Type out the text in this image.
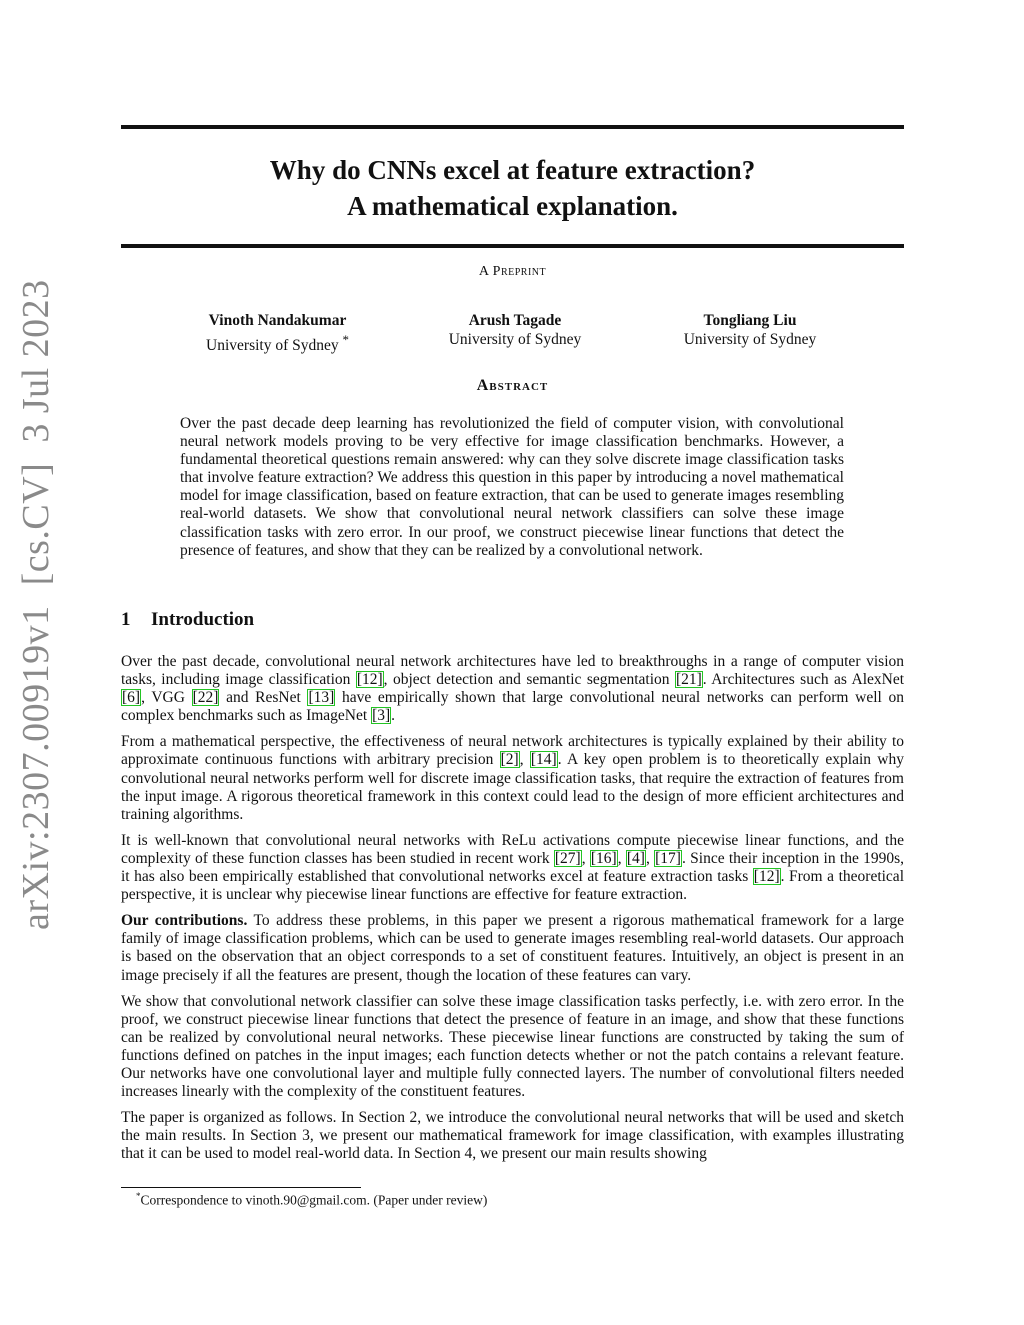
arXiv:2307.00919v1  [cs.CV]  3 Jul 2023
Why do CNNs excel at feature extraction?
A mathematical explanation.
A Preprint
Vinoth Nandakumar
University of Sydney *
Arush Tagade
University of Sydney
Tongliang Liu
University of Sydney
Abstract

Over the past decade deep learning has revolutionized the field of computer vision, with convolutional neural network models proving to be very effective for image classification benchmarks. However, a fundamental theoretical questions remain answered: why can they solve discrete image classification tasks that involve feature extraction? We address this question in this paper by introducing a novel mathematical model for image classification, based on feature extraction, that can be used to generate images resembling real-world datasets. We show that convolutional neural network classifiers can solve these image classification tasks with zero error. In our proof, we construct piecewise linear functions that detect the presence of features, and show that they can be realized by a convolutional network.

1 Introduction

Over the past decade, convolutional neural network architectures have led to breakthroughs in a range of computer vision tasks, including image classification [12], object detection and semantic segmentation [21]. Architectures such as AlexNet [6], VGG [22] and ResNet [13] have empirically shown that large convolutional neural networks can perform well on complex benchmarks such as ImageNet [3].

From a mathematical perspective, the effectiveness of neural network architectures is typically explained by their ability to approximate continuous functions with arbitrary precision [2], [14]. A key open problem is to theoretically explain why convolutional neural networks perform well for discrete image classification tasks, that require the extraction of features from the input image. A rigorous theoretical framework in this context could lead to the design of more efficient architectures and training algorithms.

It is well-known that convolutional neural networks with ReLu activations compute piecewise linear functions, and the complexity of these function classes has been studied in recent work [27], [16], [4], [17]. Since their inception in the 1990s, it has also been empirically established that convolutional networks excel at feature extraction tasks [12]. From a theoretical perspective, it is unclear why piecewise linear functions are effective for feature extraction.

Our contributions. To address these problems, in this paper we present a rigorous mathematical framework for a large family of image classification problems, which can be used to generate images resembling real-world datasets. Our approach is based on the observation that an object corresponds to a set of constituent features. Intuitively, an object is present in an image precisely if all the features are present, though the location of these features can vary.

We show that convolutional network classifier can solve these image classification tasks perfectly, i.e. with zero error. In the proof, we construct piecewise linear functions that detect the presence of feature in an image, and show that these functions can be realized by convolutional neural networks. These piecewise linear functions are constructed by taking the sum of functions defined on patches in the input images; each function detects whether or not the patch contains a relevant feature. Our networks have one convolutional layer and multiple fully connected layers. The number of convolutional filters needed increases linearly with the complexity of the constituent features.

The paper is organized as follows. In Section 2, we introduce the convolutional neural networks that will be used and sketch the main results. In Section 3, we present our mathematical framework for image classification, with examples illustrating that it can be used to model real-world data. In Section 4, we present our main results showing

*Correspondence to vinoth.90@gmail.com. (Paper under review)
